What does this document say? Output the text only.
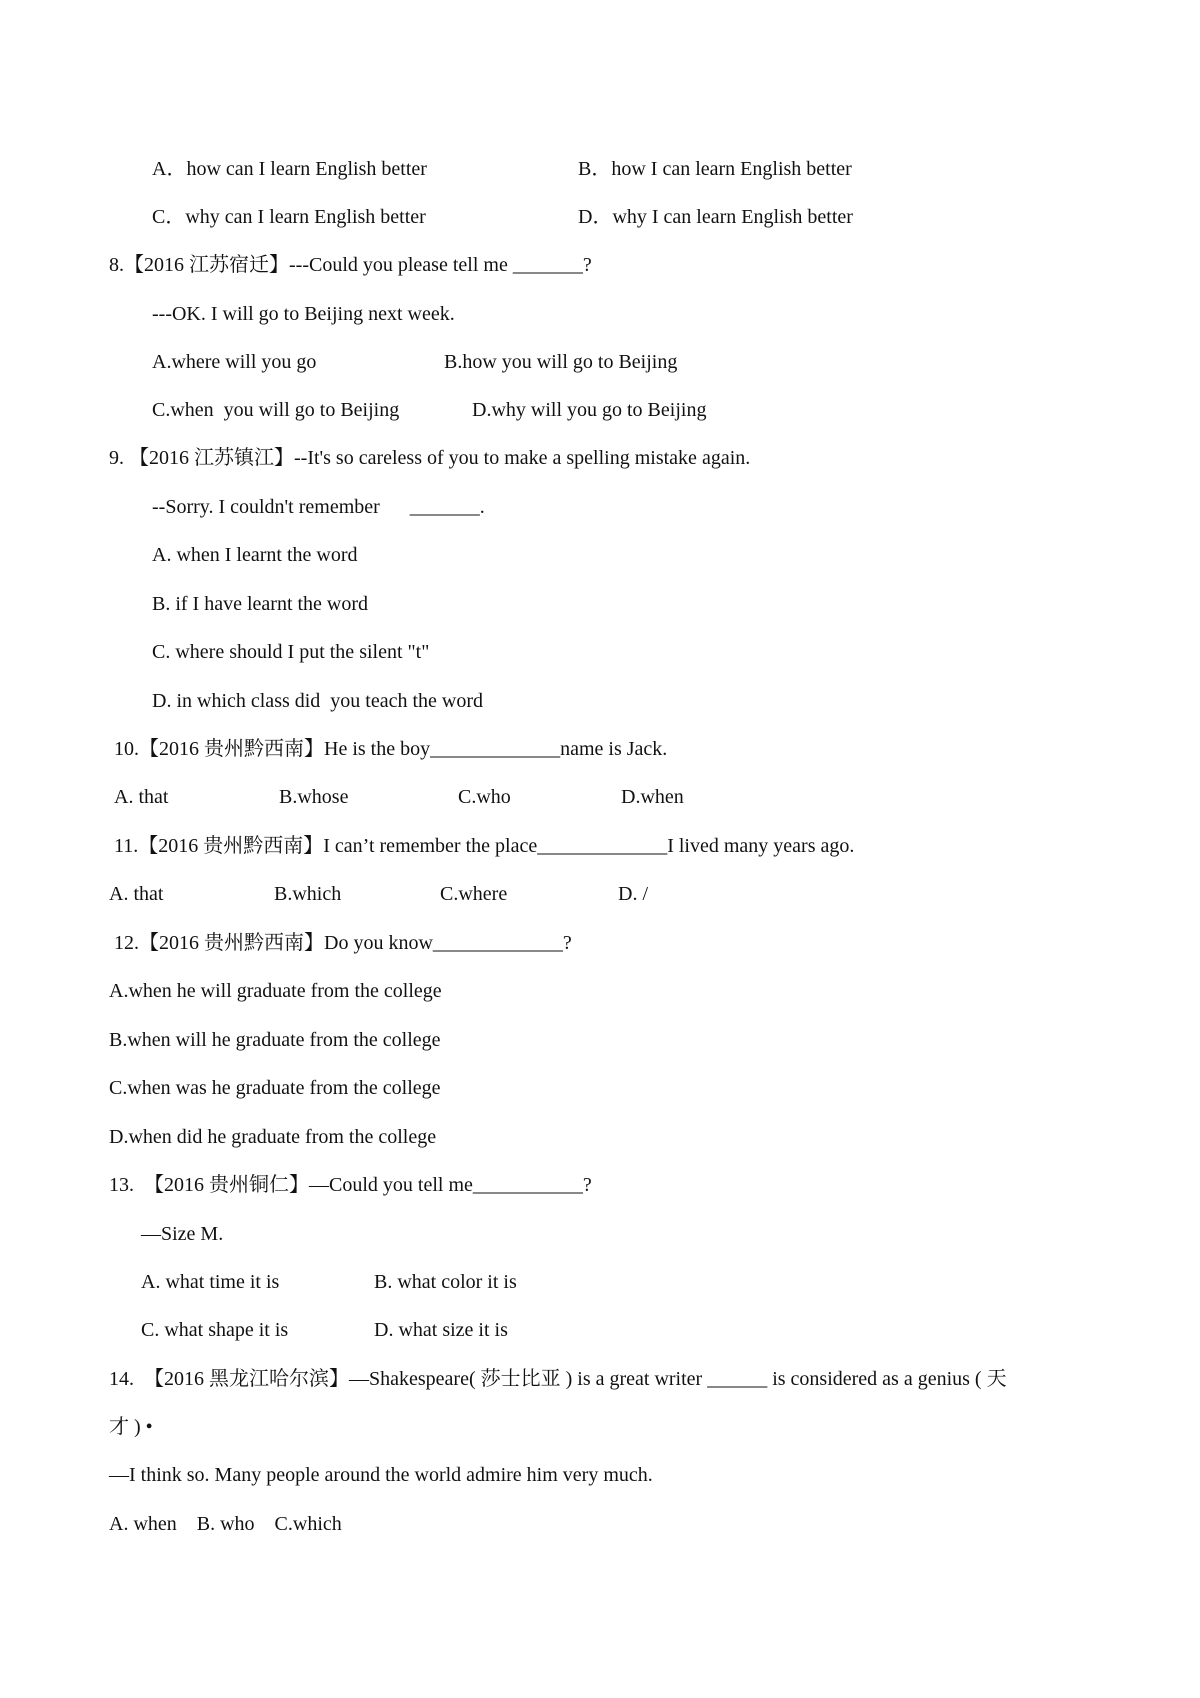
A．how can I learn English better	B．how I can learn English better
C．why can I learn English better	D．why I can learn English better
8.【2016 江苏宿迁】---Could you please tell me _______?
---OK. I will go to Beijing next week.
A.where will you go	B.how you will go to Beijing
C.when  you will go to Beijing	D.why will you go to Beijing
9. 【2016 江苏镇江】--It's so careless of you to make a spelling mistake again.
--Sorry. I couldn't remember      _______.
A. when I learnt the word
B. if I have learnt the word
C. where should I put the silent "t"
D. in which class did  you teach the word
10.【2016 贵州黔西南】He is the boy_____________name is Jack.
A. that	B.whose	C.who	D.when
11.【2016 贵州黔西南】I can’t remember the place_____________I lived many years ago.
A. that	B.which	C.where	D. /
12.【2016 贵州黔西南】Do you know_____________?
A.when he will graduate from the college
B.when will he graduate from the college
C.when was he graduate from the college
D.when did he graduate from the college
13.  【2016 贵州铜仁】—Could you tell me___________?
—Size M.
A. what time it is	B. what color it is
C. what shape it is	D. what size it is
14.  【2016 黑龙江哈尔滨】—Shakespeare( 莎士比亚 ) is a great writer ______ is considered as a genius ( 天
才 ) •
—I think so. Many people around the world admire him very much.
A. when    B. who    C.which
